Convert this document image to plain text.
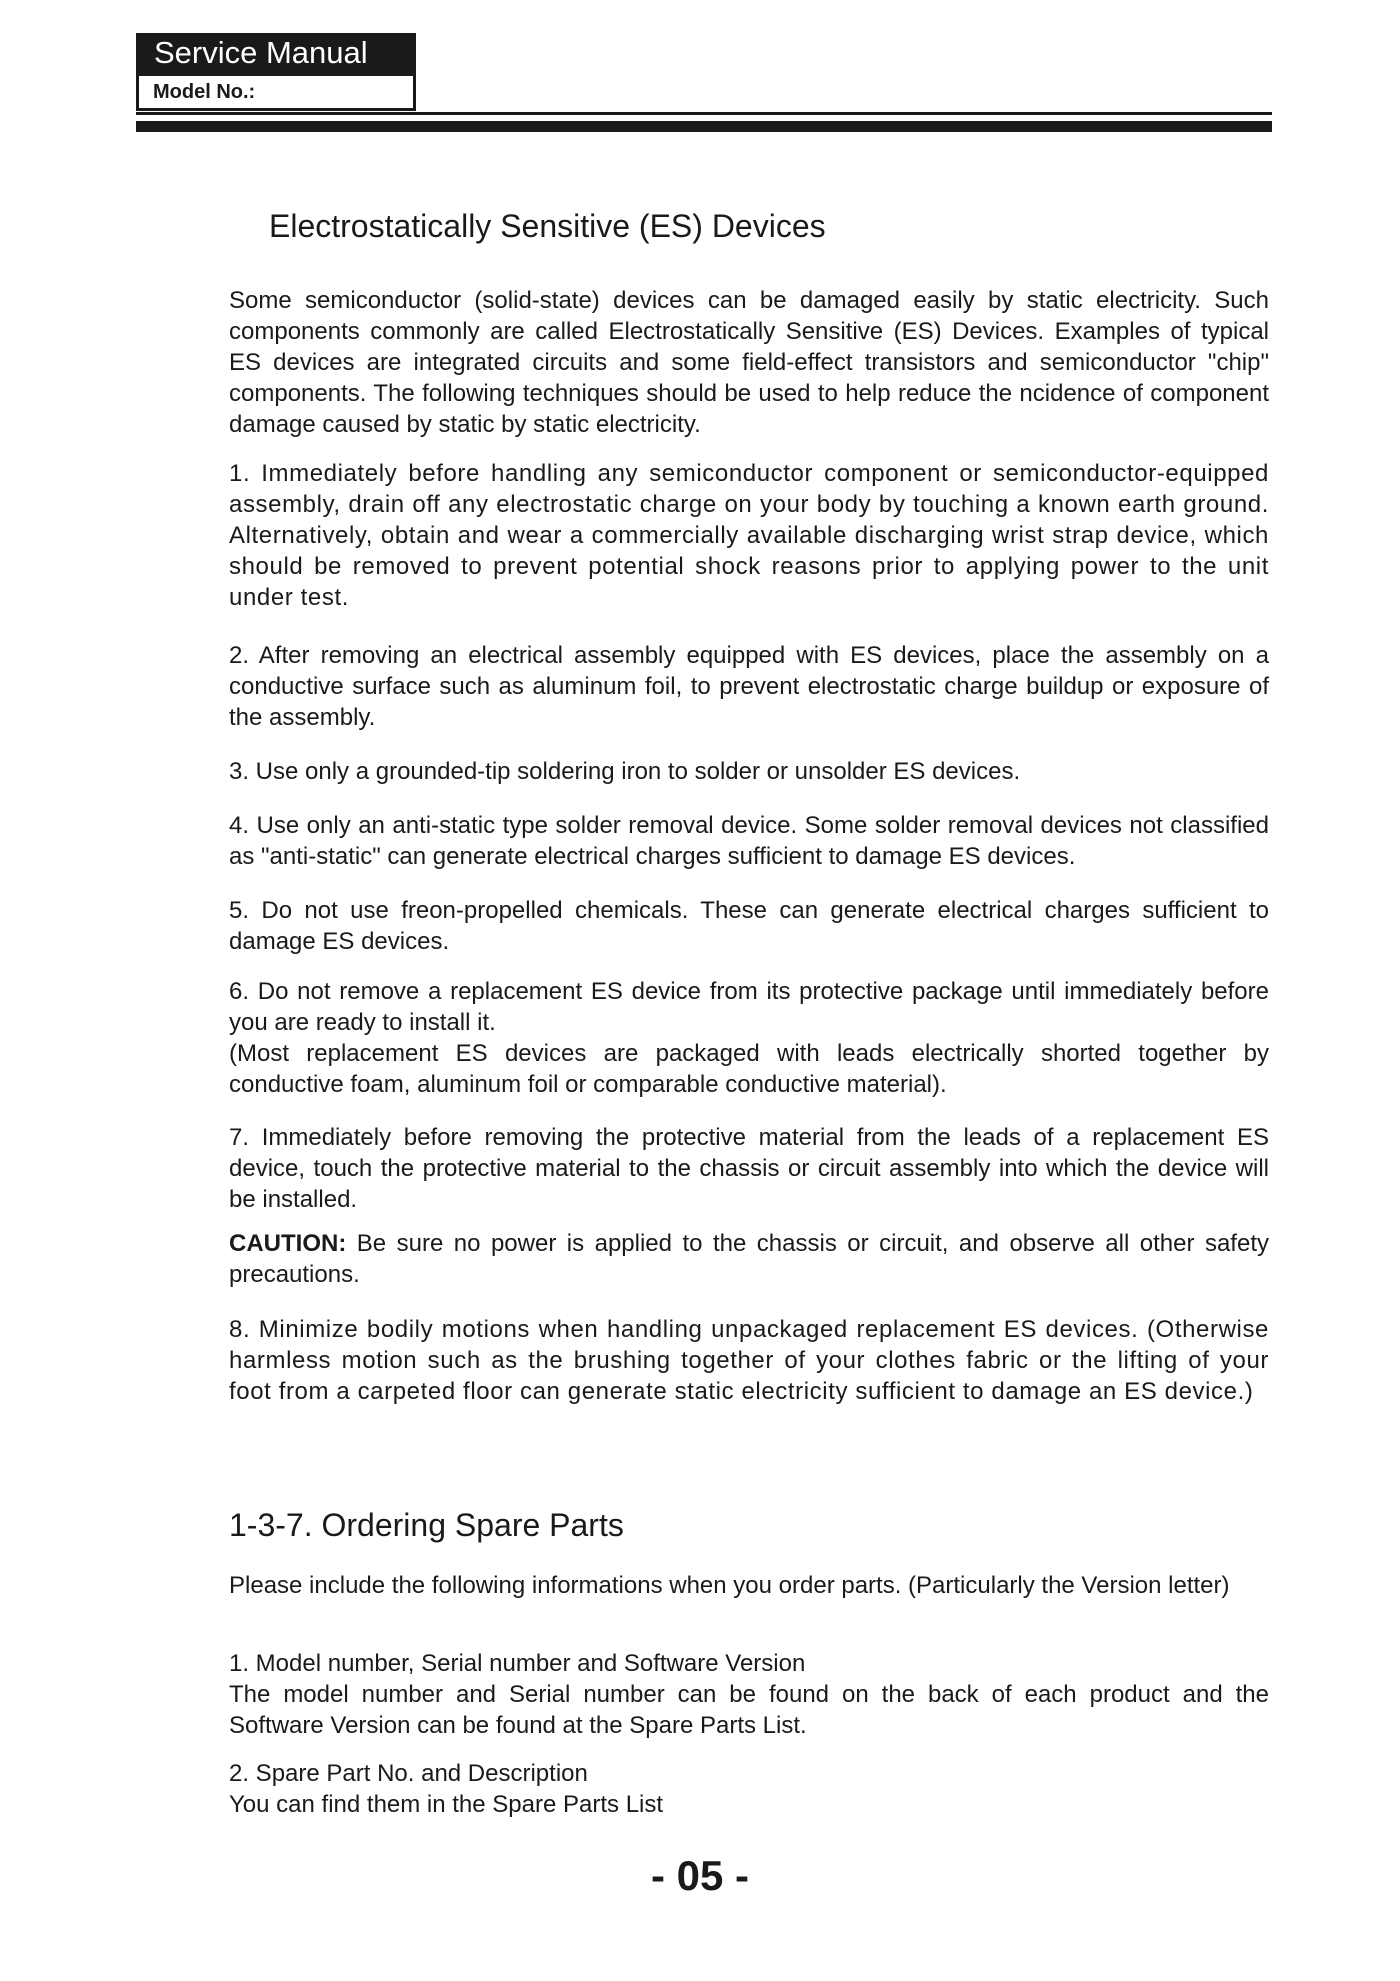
Service Manual
Model No.:
Electrostatically Sensitive (ES) Devices

Some semiconductor (solid-state) devices can be damaged easily by static electricity. Such components commonly are called Electrostatically Sensitive (ES) Devices. Examples of typical ES devices are integrated circuits and some field-effect transistors and semiconductor "chip" components. The following techniques should be used to help reduce the ncidence of component damage caused by static by static electricity.

1. Immediately before handling any semiconductor component or semiconductor-equipped assembly, drain off any electrostatic charge on your body by touching a known earth ground. Alternatively, obtain and wear a commercially available discharging wrist strap device, which should be removed to prevent potential shock reasons prior to applying power to the unit under test.

2. After removing an electrical assembly equipped with ES devices, place the assembly on a conductive surface such as aluminum foil, to prevent electrostatic charge buildup or exposure of the assembly.

3. Use only a grounded-tip soldering iron to solder or unsolder ES devices.

4. Use only an anti-static type solder removal device. Some solder removal devices not classified as "anti-static" can generate electrical charges sufficient to damage ES devices.

5. Do not use freon-propelled chemicals. These can generate electrical charges sufficient to damage ES devices.

6. Do not remove a replacement ES device from its protective package until immediately before you are ready to install it.
(Most replacement ES devices are packaged with leads electrically shorted together by conductive foam, aluminum foil or comparable conductive material).

7. Immediately before removing the protective material from the leads of a replacement ES device, touch the protective material to the chassis or circuit assembly into which the device will be installed.

CAUTION: Be sure no power is applied to the chassis or circuit, and observe all other safety precautions.

8. Minimize bodily motions when handling unpackaged replacement ES devices. (Otherwise harmless motion such as the brushing together of your clothes fabric or the lifting of your foot from a carpeted floor can generate static electricity sufficient to damage an ES device.)

1-3-7. Ordering Spare Parts

Please include the following informations when you order parts. (Particularly the Version letter)

1. Model number, Serial number and Software Version
The model number and Serial number can be found on the back of each product and the Software Version can be found at the Spare Parts List.
2. Spare Part No. and Description
You can find them in the Spare Parts List
- 05 -
